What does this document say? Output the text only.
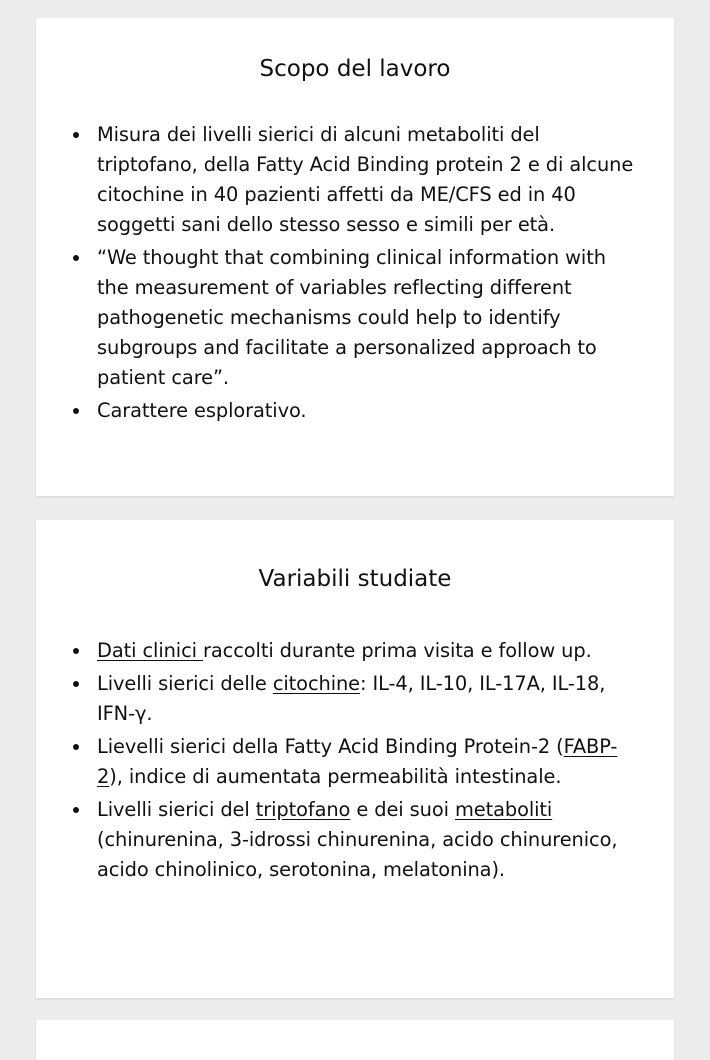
Scopo del lavoro
Misura dei livelli sierici di alcuni metaboliti del triptofano, della Fatty Acid Binding protein 2 e di alcune citochine in 40 pazienti affetti da ME/CFS ed in 40 soggetti sani dello stesso sesso e simili per età.
“We thought that combining clinical information with the measurement of variables reflecting different pathogenetic mechanisms could help to identify subgroups and facilitate a personalized approach to patient care”.
Carattere esplorativo.
Variabili studiate
Dati clinici raccolti durante prima visita e follow up.
Livelli sierici delle citochine: IL-4, IL-10, IL-17A, IL-18, IFN-γ.
Lievelli sierici della Fatty Acid Binding Protein-2 (FABP-2), indice di aumentata permeabilità intestinale.
Livelli sierici del triptofano e dei suoi metaboliti (chinurenina, 3-idrossi chinurenina, acido chinurenico, acido chinolinico, serotonina, melatonina).
